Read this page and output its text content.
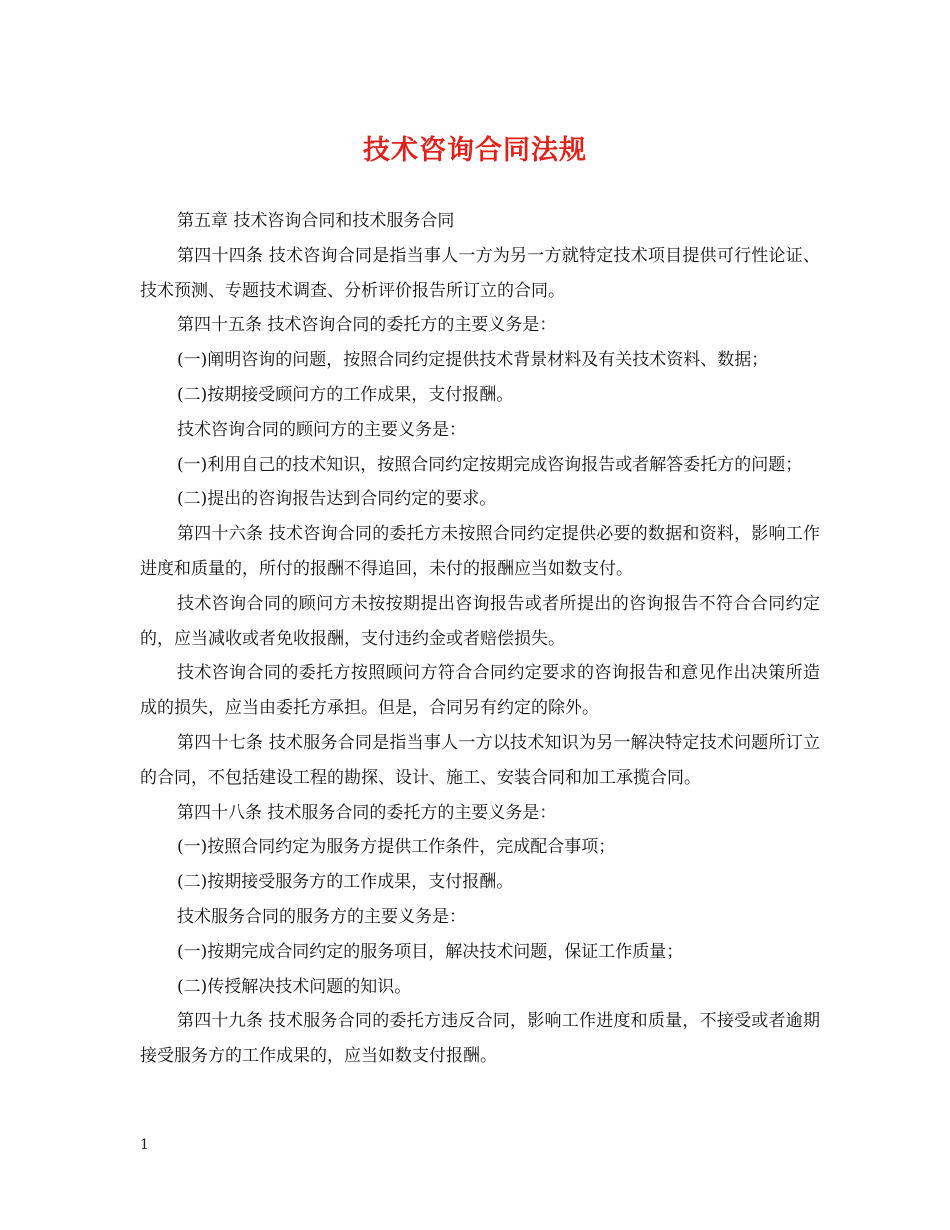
技术咨询合同法规

第五章 技术咨询合同和技术服务合同

第四十四条 技术咨询合同是指当事人一方为另一方就特定技术项目提供可行性论证、技术预测、专题技术调查、分析评价报告所订立的合同。

第四十五条 技术咨询合同的委托方的主要义务是：

(一)阐明咨询的问题，按照合同约定提供技术背景材料及有关技术资料、数据；

(二)按期接受顾问方的工作成果，支付报酬。

技术咨询合同的顾问方的主要义务是：

(一)利用自己的技术知识，按照合同约定按期完成咨询报告或者解答委托方的问题；

(二)提出的咨询报告达到合同约定的要求。

第四十六条 技术咨询合同的委托方未按照合同约定提供必要的数据和资料，影响工作进度和质量的，所付的报酬不得追回，未付的报酬应当如数支付。

技术咨询合同的顾问方未按按期提出咨询报告或者所提出的咨询报告不符合合同约定的，应当减收或者免收报酬，支付违约金或者赔偿损失。

技术咨询合同的委托方按照顾问方符合合同约定要求的咨询报告和意见作出决策所造成的损失，应当由委托方承担。但是，合同另有约定的除外。

第四十七条 技术服务合同是指当事人一方以技术知识为另一解决特定技术问题所订立的合同，不包括建设工程的勘探、设计、施工、安装合同和加工承揽合同。

第四十八条 技术服务合同的委托方的主要义务是：

(一)按照合同约定为服务方提供工作条件，完成配合事项；

(二)按期接受服务方的工作成果，支付报酬。

技术服务合同的服务方的主要义务是：

(一)按期完成合同约定的服务项目，解决技术问题，保证工作质量；

(二)传授解决技术问题的知识。

第四十九条 技术服务合同的委托方违反合同，影响工作进度和质量，不接受或者逾期接受服务方的工作成果的，应当如数支付报酬。

1
